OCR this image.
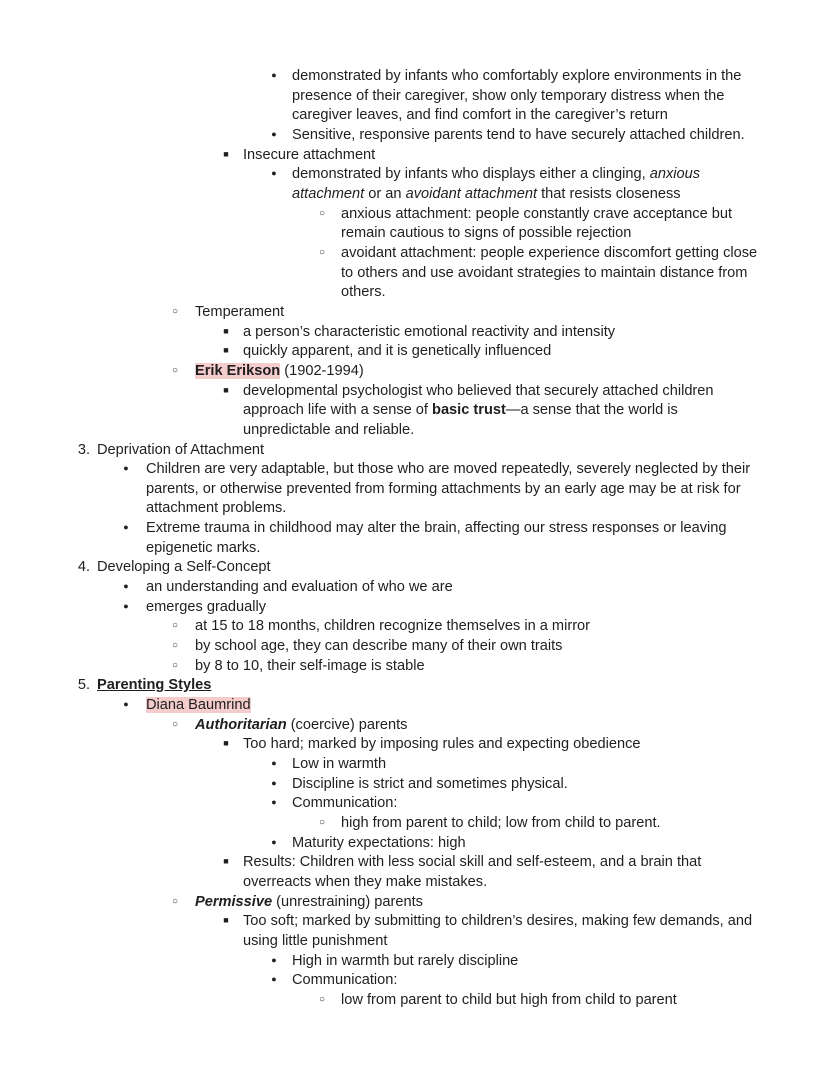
●
demonstrated by infants who comfortably explore environments in the
presence of their caregiver, show only temporary distress when the
caregiver leaves, and find comfort in the caregiver’s return
●
Sensitive, responsive parents tend to have securely attached children.
■
Insecure attachment
●
demonstrated by infants who displays either a clinging, anxious
attachment or an avoidant attachment that resists closeness
○
anxious attachment: people constantly crave acceptance but
remain cautious to signs of possible rejection
○
avoidant attachment: people experience discomfort getting close
to others and use avoidant strategies to maintain distance from
others.
○
Temperament
■
a person’s characteristic emotional reactivity and intensity
■
quickly apparent, and it is genetically influenced
○
Erik Erikson (1902-1994)
■
developmental psychologist who believed that securely attached children
approach life with a sense of basic trust—a sense that the world is
unpredictable and reliable.
3. Deprivation of Attachment
●
Children are very adaptable, but those who are moved repeatedly, severely neglected by their
parents, or otherwise prevented from forming attachments by an early age may be at risk for
attachment problems.
●
Extreme trauma in childhood may alter the brain, affecting our stress responses or leaving
epigenetic marks.
4. Developing a Self-Concept
●
an understanding and evaluation of who we are
●
emerges gradually
○
at 15 to 18 months, children recognize themselves in a mirror
○
by school age, they can describe many of their own traits
○
by 8 to 10, their self-image is stable
5. Parenting Styles
●
Diana Baumrind
○
Authoritarian (coercive) parents
■
Too hard; marked by imposing rules and expecting obedience
●
Low in warmth
●
Discipline is strict and sometimes physical.
●
Communication:
○
high from parent to child; low from child to parent.
●
Maturity expectations: high
■
Results: Children with less social skill and self-esteem, and a brain that
overreacts when they make mistakes.
○
Permissive (unrestraining) parents
■
Too soft; marked by submitting to children’s desires, making few demands, and
using little punishment
●
High in warmth but rarely discipline
●
Communication:
○
low from parent to child but high from child to parent
